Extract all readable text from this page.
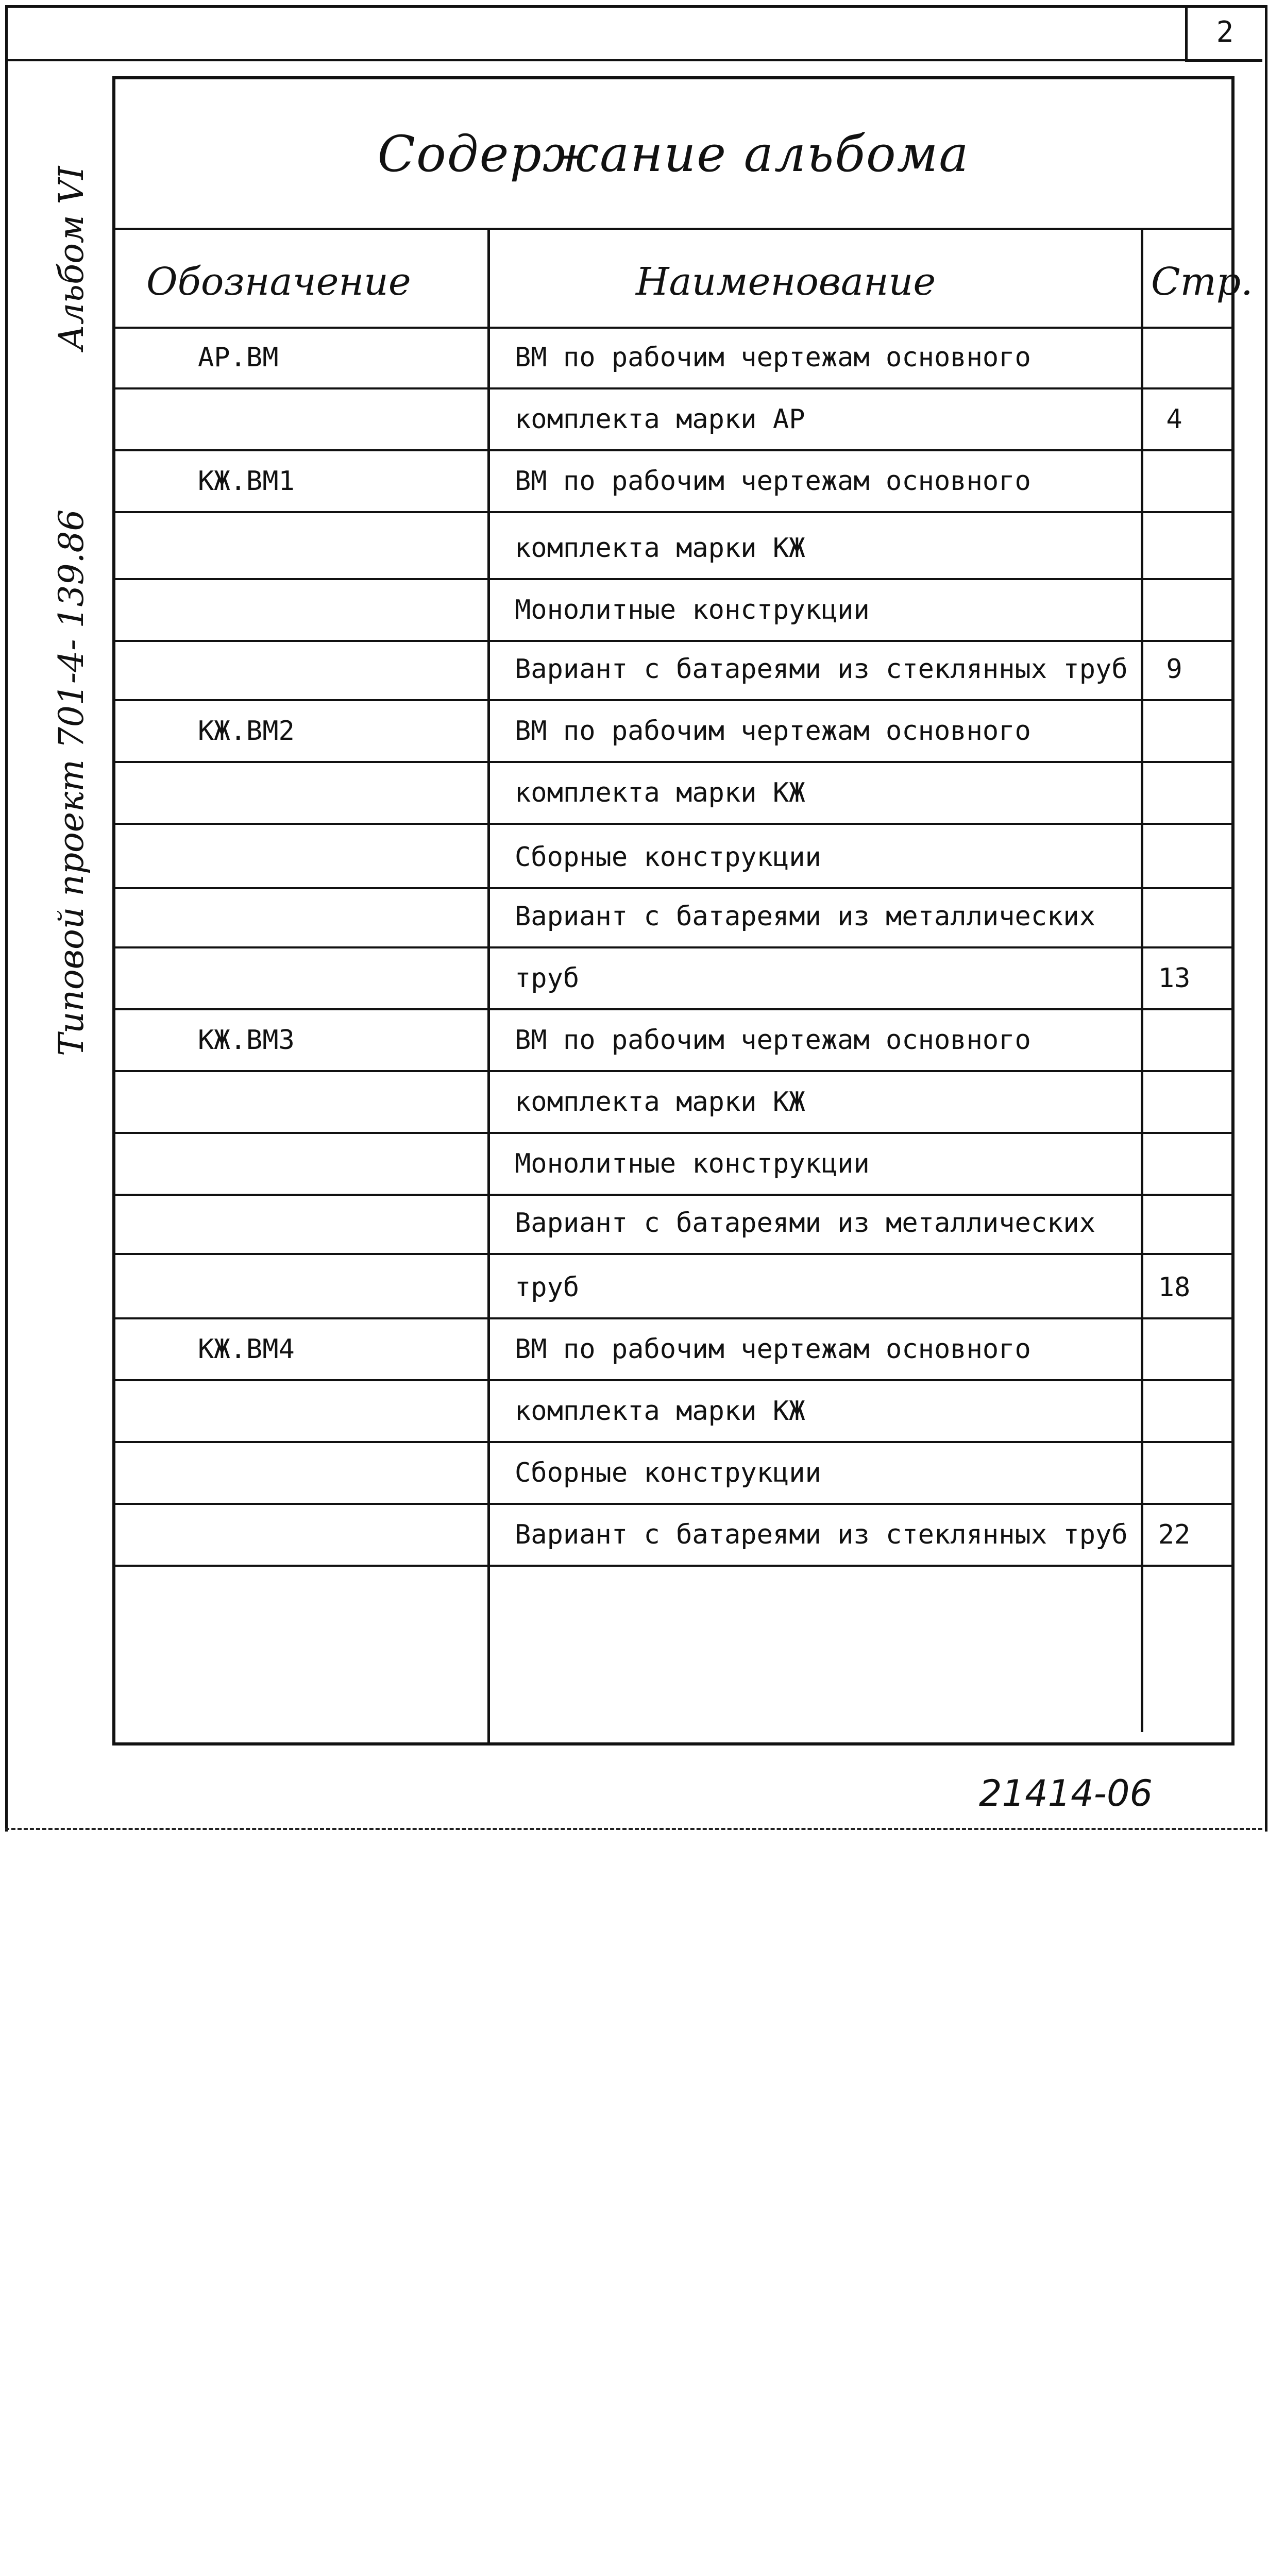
2
Альбом VI
Типовой проект 701-4- 139.86
Содержание альбома
Обозначение	Наименование	Стр.
АР.ВМ	ВМ по рабочим чертежам основного
комплекта марки АР	4
КЖ.ВМ1	ВМ по рабочим чертежам основного
комплекта марки КЖ
Монолитные конструкции
Вариант с батареями из стеклянных труб	9
КЖ.ВМ2	ВМ по рабочим чертежам основного
комплекта марки КЖ
Сборные конструкции
Вариант с батареями из металлических
труб	13
КЖ.ВМ3	ВМ по рабочим чертежам основного
комплекта марки КЖ
Монолитные конструкции
Вариант с батареями из металлических
труб	18
КЖ.ВМ4	ВМ по рабочим чертежам основного
комплекта марки КЖ
Сборные конструкции
Вариант с батареями из стеклянных труб	22
21414-06
